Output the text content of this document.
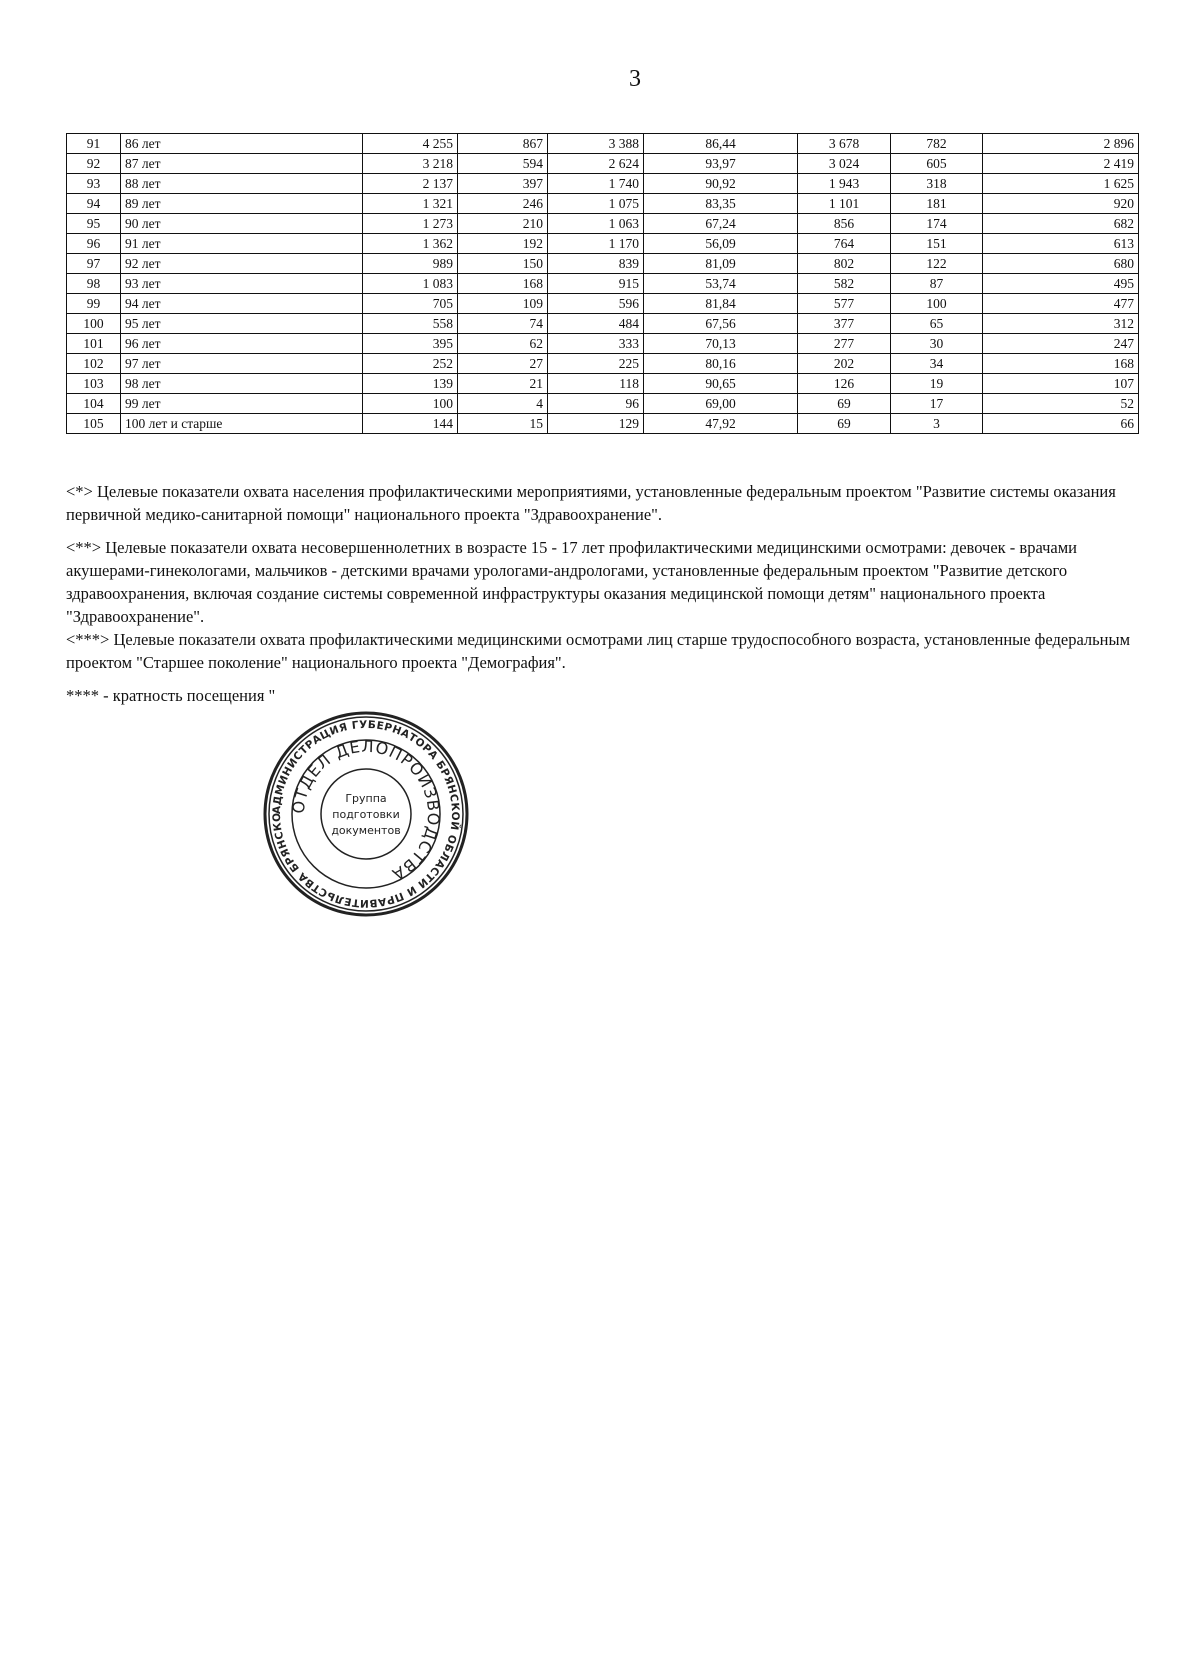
3
91	86 лет	4 255	867	3 388	86,44	3 678	782	2 896
92	87 лет	3 218	594	2 624	93,97	3 024	605	2 419
93	88 лет	2 137	397	1 740	90,92	1 943	318	1 625
94	89 лет	1 321	246	1 075	83,35	1 101	181	920
95	90 лет	1 273	210	1 063	67,24	856	174	682
96	91 лет	1 362	192	1 170	56,09	764	151	613
97	92 лет	989	150	839	81,09	802	122	680
98	93 лет	1 083	168	915	53,74	582	87	495
99	94 лет	705	109	596	81,84	577	100	477
100	95 лет	558	74	484	67,56	377	65	312
101	96 лет	395	62	333	70,13	277	30	247
102	97 лет	252	27	225	80,16	202	34	168
103	98 лет	139	21	118	90,65	126	19	107
104	99 лет	100	4	96	69,00	69	17	52
105	100 лет и старше	144	15	129	47,92	69	3	66

<*> Целевые показатели охвата населения профилактическими мероприятиями, установленные федеральным проектом "Развитие системы оказания первичной медико-санитарной помощи" национального проекта "Здравоохранение".

<**> Целевые показатели охвата несовершеннолетних в возрасте 15 - 17 лет профилактическими медицинскими осмотрами: девочек - врачами акушерами-гинекологами, мальчиков - детскими врачами урологами-андрологами, установленные федеральным проектом "Развитие детского здравоохранения, включая создание системы современной инфраструктуры оказания медицинской помощи детям" национального проекта "Здравоохранение".

<***> Целевые показатели охвата профилактическими медицинскими осмотрами лиц старше трудоспособного возраста, установленные федеральным проектом "Старшее поколение" национального проекта "Демография".

**** - кратность посещения "

АДМИНИСТРАЦИЯ ГУБЕРНАТОРА БРЯНСКОЙ ОБЛАСТИ И ПРАВИТЕЛЬСТВА БРЯНСКО
ОТДЕЛ ДЕЛОПРОИЗВОДСТВА
Группа
подготовки
документов
